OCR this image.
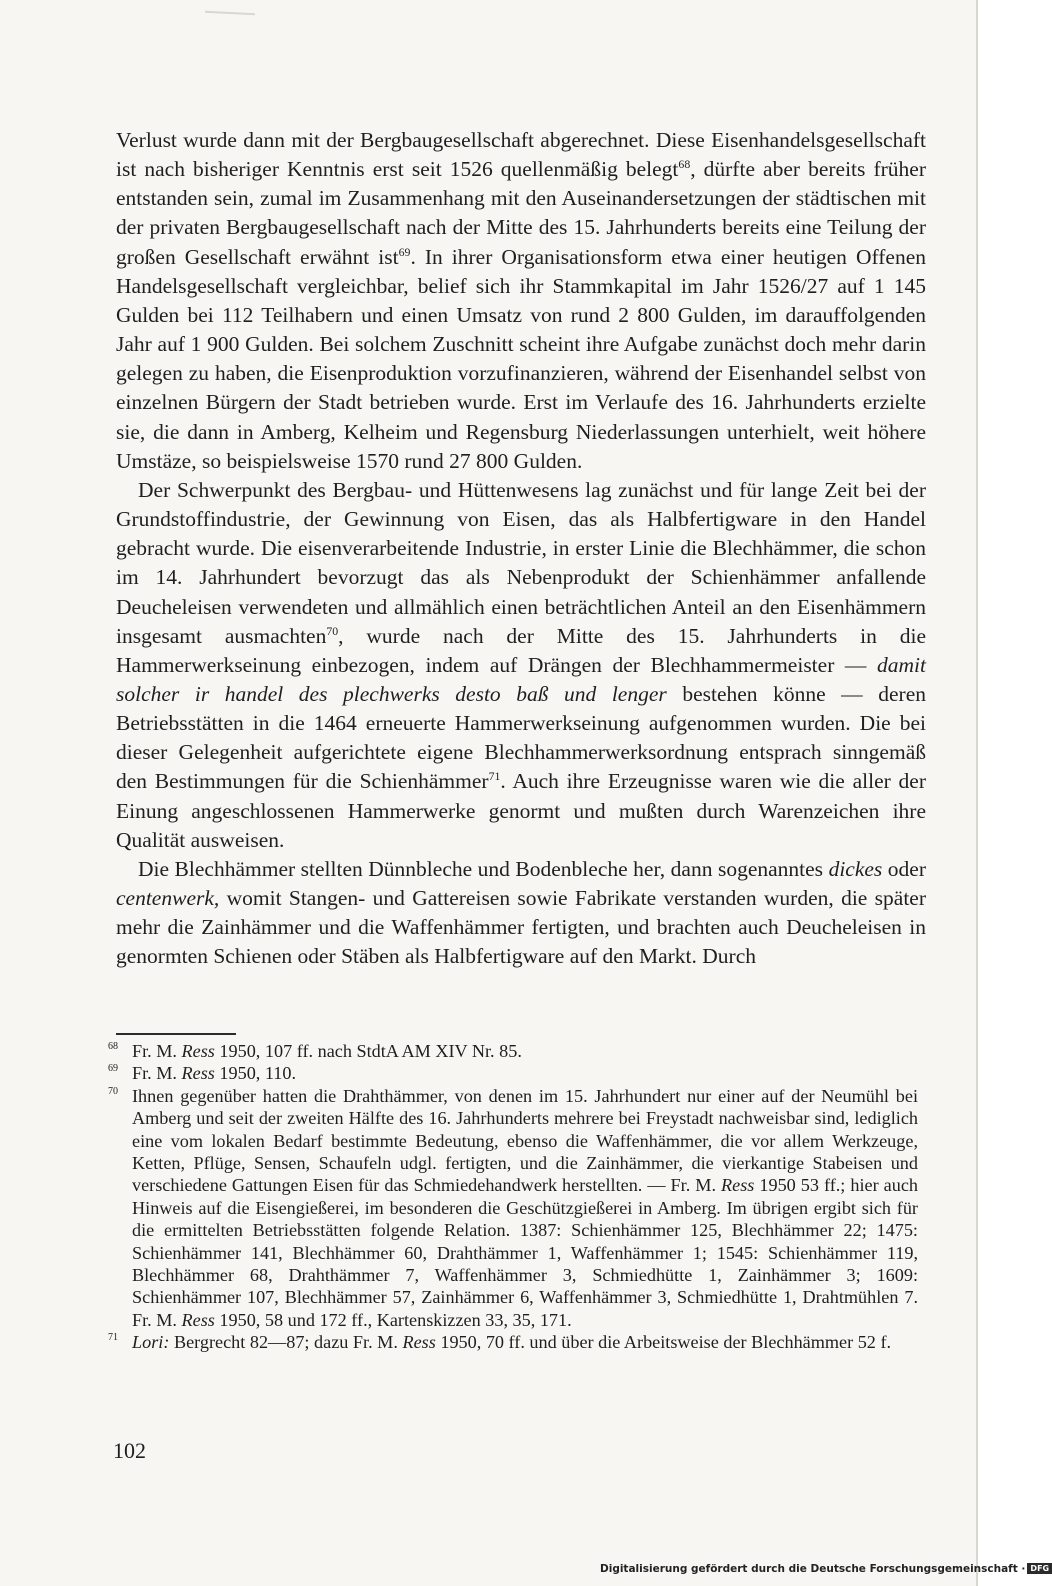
Verlust wurde dann mit der Bergbaugesellschaft abgerechnet. Diese Eisenhandelsgesellschaft ist nach bisheriger Kenntnis erst seit 1526 quellenmäßig belegt$^{68}$, dürfte aber bereits früher entstanden sein, zumal im Zusammenhang mit den Auseinandersetzungen der städtischen mit der privaten Bergbaugesellschaft nach der Mitte des 15. Jahrhunderts bereits eine Teilung der großen Gesellschaft erwähnt ist$^{69}$. In ihrer Organisationsform etwa einer heutigen Offenen Handelsgesellschaft vergleichbar, belief sich ihr Stammkapital im Jahr 1526/27 auf 1 145 Gulden bei 112 Teilhabern und einen Umsatz von rund 2 800 Gulden, im darauffolgenden Jahr auf 1 900 Gulden. Bei solchem Zuschnitt scheint ihre Aufgabe zunächst doch mehr darin gelegen zu haben, die Eisenproduktion vorzufinanzieren, während der Eisenhandel selbst von einzelnen Bürgern der Stadt betrieben wurde. Erst im Verlaufe des 16. Jahrhunderts erzielte sie, die dann in Amberg, Kelheim und Regensburg Niederlassungen unterhielt, weit höhere Umstäze, so beispielsweise 1570 rund 27 800 Gulden.

Der Schwerpunkt des Bergbau- und Hüttenwesens lag zunächst und für lange Zeit bei der Grundstoffindustrie, der Gewinnung von Eisen, das als Halbfertigware in den Handel gebracht wurde. Die eisenverarbeitende Industrie, in erster Linie die Blechhämmer, die schon im 14. Jahrhundert bevorzugt das als Nebenprodukt der Schienhämmer anfallende Deucheleisen verwendeten und allmählich einen beträchtlichen Anteil an den Eisenhämmern insgesamt ausmachten$^{70}$, wurde nach der Mitte des 15. Jahrhunderts in die Hammerwerkseinung einbezogen, indem auf Drängen der Blechhammermeister — damit solcher ir handel des plechwerks desto baß und lenger bestehen könne — deren Betriebsstätten in die 1464 erneuerte Hammerwerkseinung aufgenommen wurden. Die bei dieser Gelegenheit aufgerichtete eigene Blechhammerwerksordnung entsprach sinngemäß den Bestimmungen für die Schienhämmer$^{71}$. Auch ihre Erzeugnisse waren wie die aller der Einung angeschlossenen Hammerwerke genormt und mußten durch Warenzeichen ihre Qualität ausweisen.

Die Blechhämmer stellten Dünnbleche und Bodenbleche her, dann sogenanntes dickes oder centenwerk, womit Stangen- und Gattereisen sowie Fabrikate verstanden wurden, die später mehr die Zainhämmer und die Waffenhämmer fertigten, und brachten auch Deucheleisen in genormten Schienen oder Stäben als Halbfertigware auf den Markt. Durch

68 Fr. M. Ress 1950, 107 ff. nach StdtA AM XIV Nr. 85.
69 Fr. M. Ress 1950, 110.
70 Ihnen gegenüber hatten die Drahthämmer, von denen im 15. Jahrhundert nur einer auf der Neumühl bei Amberg und seit der zweiten Hälfte des 16. Jahrhunderts mehrere bei Freystadt nachweisbar sind, lediglich eine vom lokalen Bedarf bestimmte Bedeutung, ebenso die Waffenhämmer, die vor allem Werkzeuge, Ketten, Pflüge, Sensen, Schaufeln udgl. fertigten, und die Zainhämmer, die vierkantige Stabeisen und verschiedene Gattungen Eisen für das Schmiedehandwerk herstellten. — Fr. M. Ress 1950 53 ff.; hier auch Hinweis auf die Eisengießerei, im besonderen die Geschützgießerei in Amberg. Im übrigen ergibt sich für die ermittelten Betriebsstätten folgende Relation. 1387: Schienhämmer 125, Blechhämmer 22; 1475: Schienhämmer 141, Blechhämmer 60, Drahthämmer 1, Waffenhämmer 1; 1545: Schienhämmer 119, Blechhämmer 68, Drahthämmer 7, Waffenhämmer 3, Schmiedhütte 1, Zainhämmer 3; 1609: Schienhämmer 107, Blechhämmer 57, Zainhämmer 6, Waffenhämmer 3, Schmiedhütte 1, Drahtmühlen 7. Fr. M. Ress 1950, 58 und 172 ff., Kartenskizzen 33, 35, 171.
71 Lori: Bergrecht 82—87; dazu Fr. M. Ress 1950, 70 ff. und über die Arbeitsweise der Blechhämmer 52 f.
102
Digitalisierung gefördert durch die Deutsche Forschungsgemeinschaft · DFG
